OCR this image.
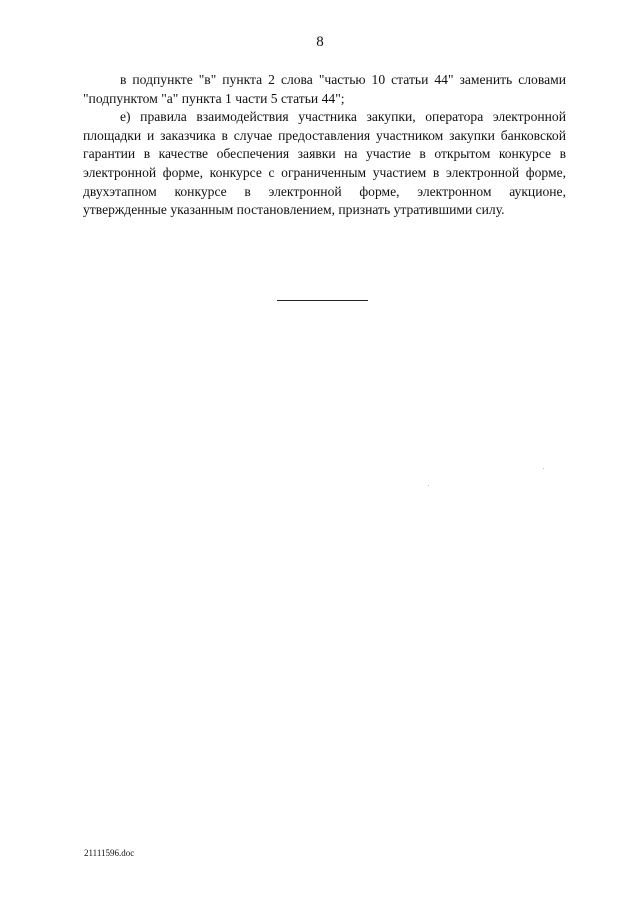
8

в подпункте "в" пункта 2 слова "частью 10 статьи 44" заменить словами "подпунктом "а" пункта 1 части 5 статьи 44";

е) правила взаимодействия участника закупки, оператора электронной площадки и заказчика в случае предоставления участником закупки банковской гарантии в качестве обеспечения заявки на участие в открытом конкурсе в электронной форме, конкурсе с ограниченным участием в электронной форме, двухэтапном конкурсе в электронной форме, электронном аукционе, утвержденные указанным постановлением, признать утратившими силу.

21111596.doc
